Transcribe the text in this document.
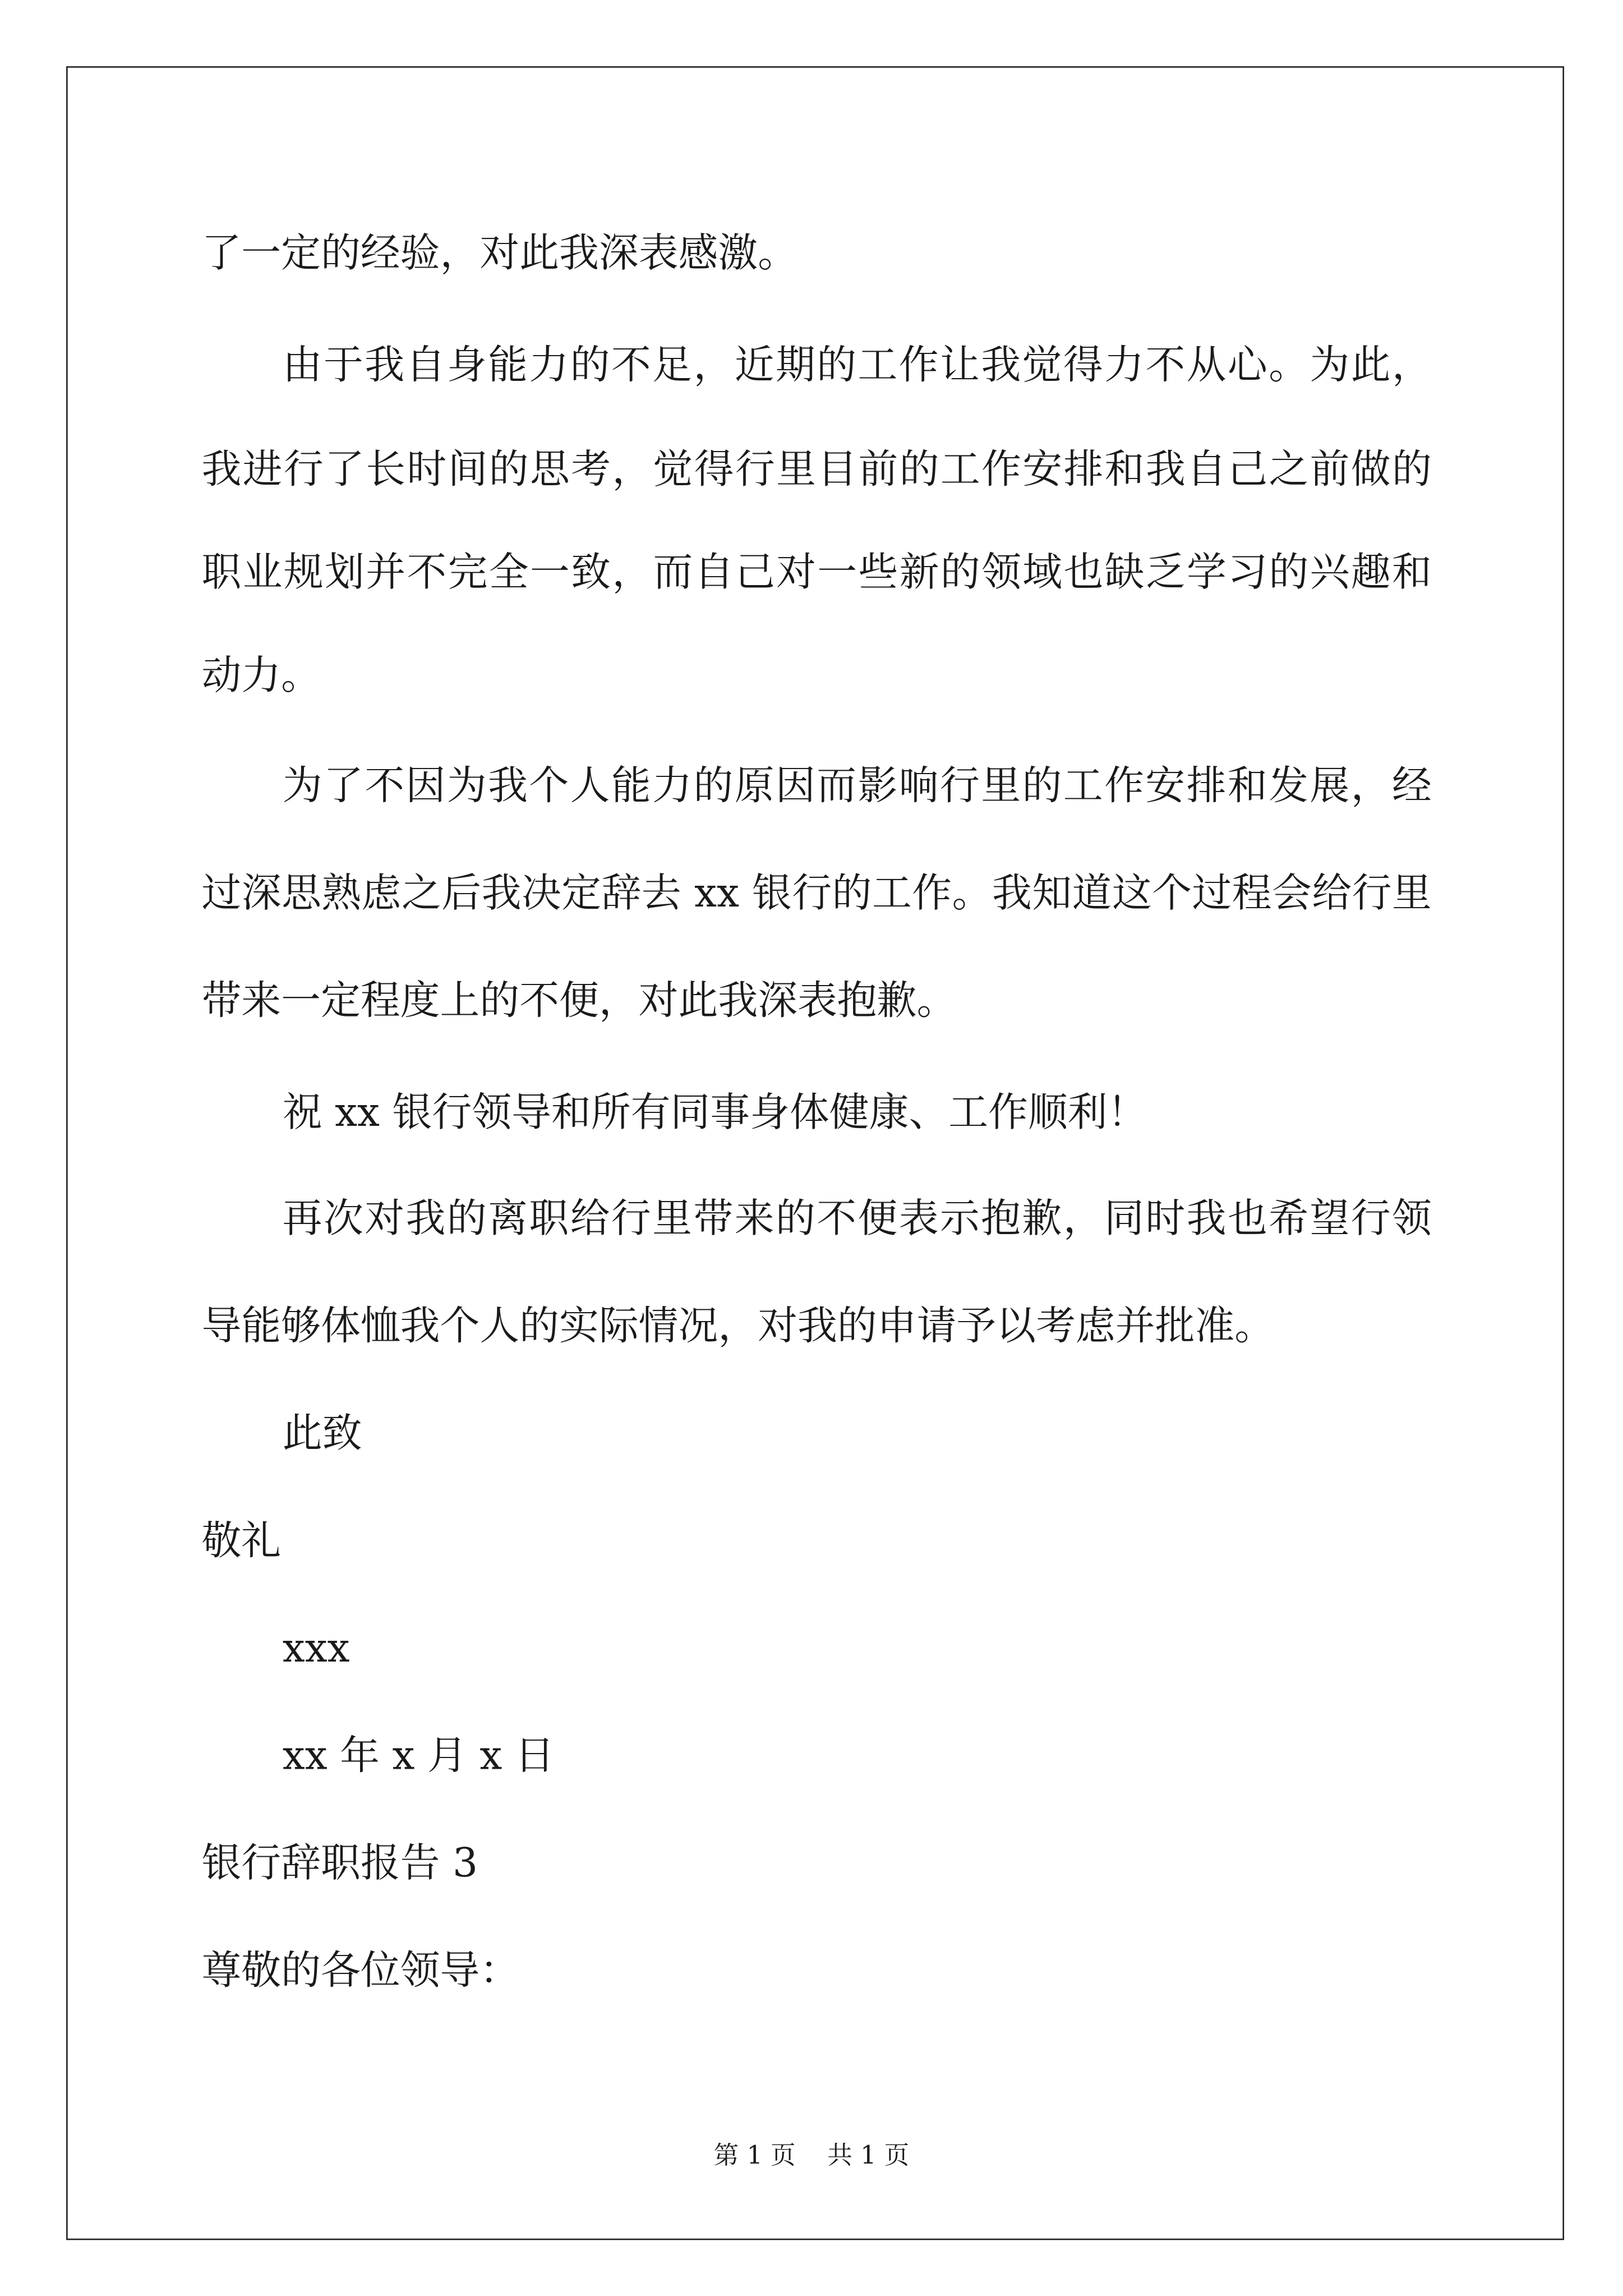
了一定的经验，对此我深表感激。

由于我自身能力的不足，近期的工作让我觉得力不从心。为此，

我进行了长时间的思考，觉得行里目前的工作安排和我自己之前做的

职业规划并不完全一致，而自己对一些新的领域也缺乏学习的兴趣和

动力。

为了不因为我个人能力的原因而影响行里的工作安排和发展，经

过深思熟虑之后我决定辞去 xx 银行的工作。我知道这个过程会给行里

带来一定程度上的不便，对此我深表抱歉。

祝 xx 银行领导和所有同事身体健康、工作顺利！

再次对我的离职给行里带来的不便表示抱歉，同时我也希望行领

导能够体恤我个人的实际情况，对我的申请予以考虑并批准。

此致

敬礼

xxx

xx 年 x 月 x 日

银行辞职报告 3

尊敬的各位领导：

第 1 页    共 1 页
